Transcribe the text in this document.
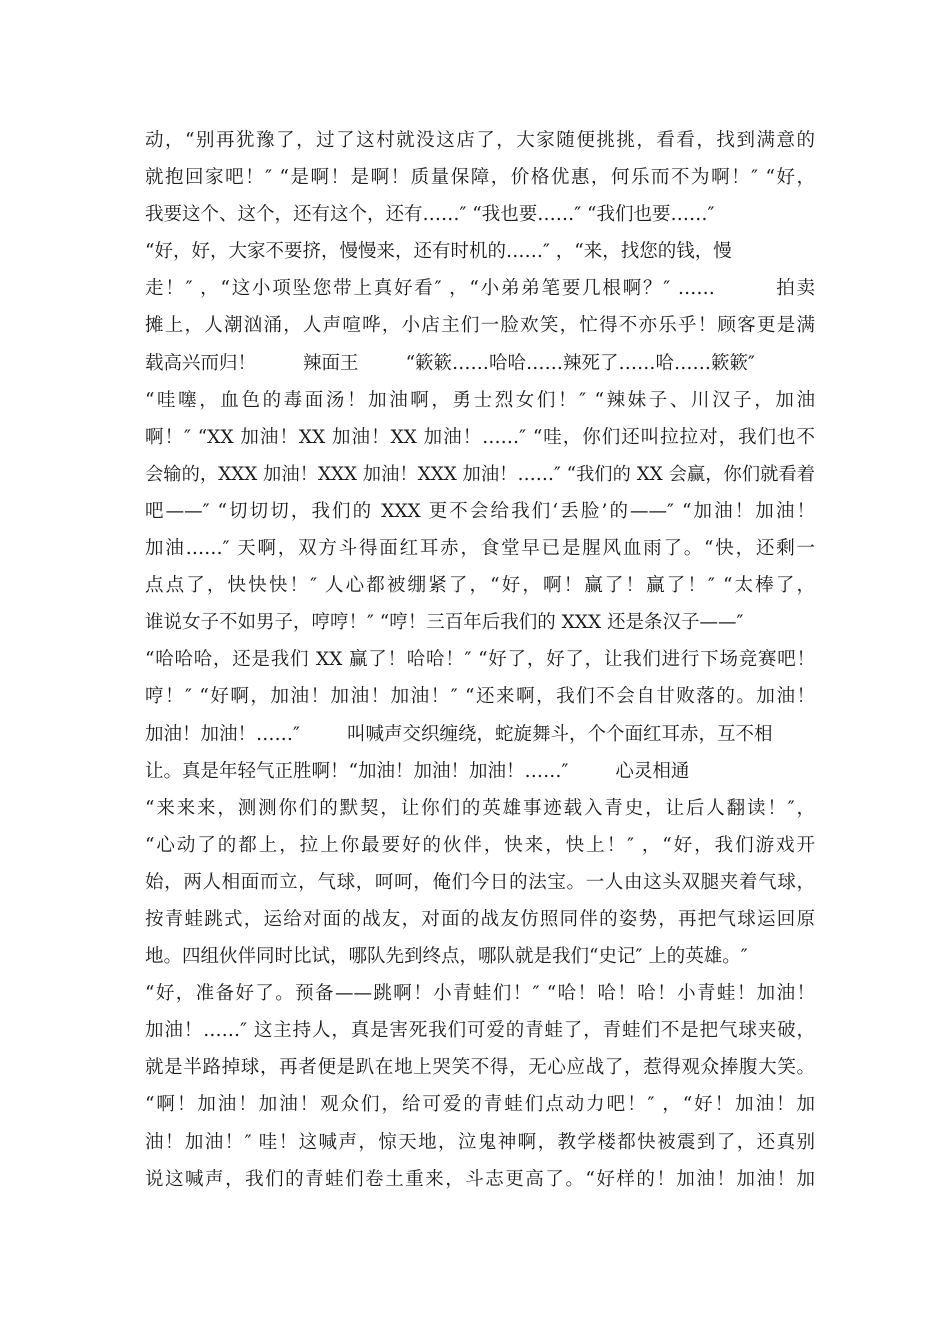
动，“别再犹豫了，过了这村就没这店了，大家随便挑挑，看看，找到满意的
就抱回家吧！″ “是啊！是啊！质量保障，价格优惠，何乐而不为啊！″ “好，
我要这个、这个，还有这个，还有……″ “我也要……″ “我们也要……″
“好，好，大家不要挤，慢慢来，还有时机的……″ ，“来，找您的钱，慢
走！″ ，“这小项坠您带上真好看″ ，“小弟弟笔要几根啊？″ ……        拍卖
摊上，人潮汹涌，人声喧哗，小店主们一脸欢笑，忙得不亦乐乎！顾客更是满
载高兴而归！        辣面王        “簌簌……哈哈……辣死了……哈……簌簌″
“哇噻，血色的毒面汤！加油啊，勇士烈女们！″ “辣妹子、川汉子，加油
啊！″ “XX 加油！XX 加油！XX 加油！……″ “哇，你们还叫拉拉对，我们也不
会输的，XXX 加油！XXX 加油！XXX 加油！……″ “我们的 XX 会赢，你们就看着
吧——″ “切切切，我们的 XXX 更不会给我们‘丢脸’的——″ “加油！加油！
加油……″ 天啊，双方斗得面红耳赤，食堂早已是腥风血雨了。“快，还剩一
点点了，快快快！″ 人心都被绷紧了，“好，啊！赢了！赢了！″ “太棒了，
谁说女子不如男子，哼哼！″ “哼！三百年后我们的 XXX 还是条汉子——″
“哈哈哈，还是我们 XX 赢了！哈哈！″ “好了，好了，让我们进行下场竞赛吧！
哼！″ “好啊，加油！加油！加油！″ “还来啊，我们不会自甘败落的。加油！
加油！加油！……″        叫喊声交织缠绕，蛇旋舞斗，个个面红耳赤，互不相
让。真是年轻气正胜啊！“加油！加油！加油！……″        心灵相通
“来来来，测测你们的默契，让你们的英雄事迹载入青史，让后人翻读！″，
“心动了的都上，拉上你最要好的伙伴，快来，快上！″ ，“好，我们游戏开
始，两人相面而立，气球，呵呵，俺们今日的法宝。一人由这头双腿夹着气球，
按青蛙跳式，运给对面的战友，对面的战友仿照同伴的姿势，再把气球运回原
地。四组伙伴同时比试，哪队先到终点，哪队就是我们“史记″ 上的英雄。″
“好，准备好了。预备——跳啊！小青蛙们！″ “哈！哈！哈！小青蛙！加油！
加油！……″ 这主持人，真是害死我们可爱的青蛙了，青蛙们不是把气球夹破，
就是半路掉球，再者便是趴在地上哭笑不得，无心应战了，惹得观众捧腹大笑。
“啊！加油！加油！观众们，给可爱的青蛙们点动力吧！″ ，“好！加油！加
油！加油！″ 哇！这喊声，惊天地，泣鬼神啊，教学楼都快被震到了，还真别
说这喊声，我们的青蛙们卷土重来，斗志更高了。“好样的！加油！加油！加
